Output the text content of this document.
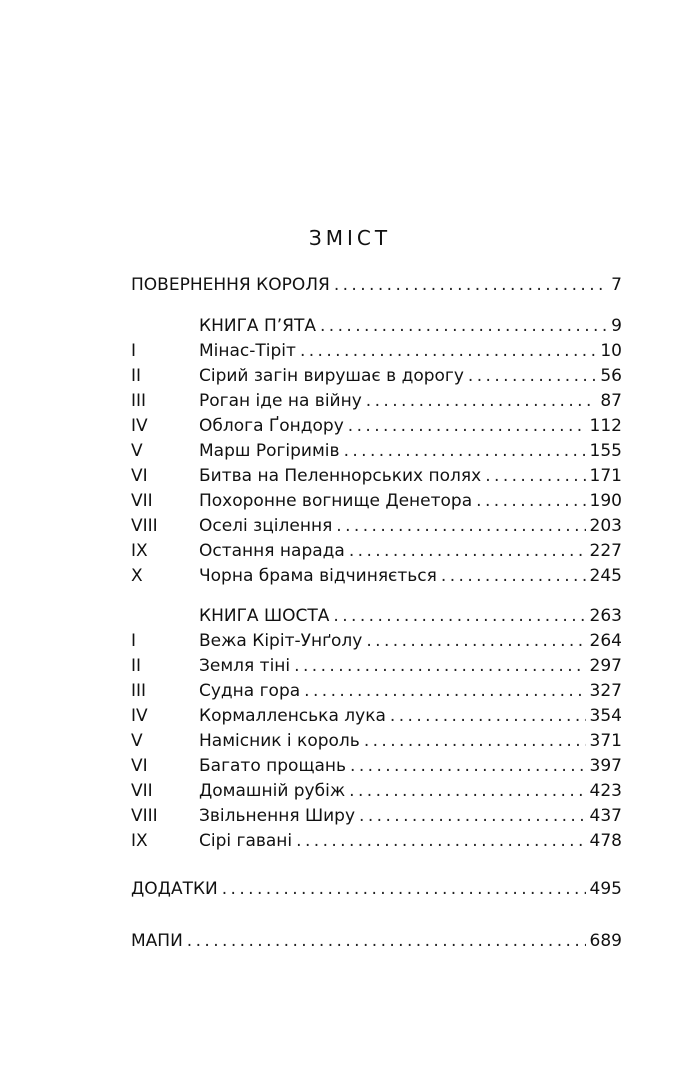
ЗМІСТ
ПОВЕРНЕННЯ КОРОЛЯ . . .	7
КНИГА П’ЯТА . . .	9
I	Мінас-Тіріт . . .	10
II	Сірий загін вирушає в дорогу . . .	56
III	Роган іде на війну . . .	87
IV	Облога Ґондору . . .	112
V	Марш Рогіримів . . .	155
VI	Битва на Пеленнорських полях . . .	171
VII	Похоронне вогнище Денетора . . .	190
VIII Оселі зцілення . . .	203
IX	Остання нарада . . .	227
X	Чорна брама відчиняється . . .	245
КНИГА ШОСТА . . .	263
I	Вежа Кіріт-Унґолу . . .	264
II	Земля тіні . . .	297
III	Судна гора . . .	327
IV	Кормалленська лука . . .	354
V	Намісник і король . . .	371
VI	Багато прощань . . .	397
VII	Домашній рубіж . . .	423
VIII Звільнення Ширу . . .	437
IX	Сірі гавані . . .	478
ДОДАТКИ . . .	495
МАПИ . . .	689
